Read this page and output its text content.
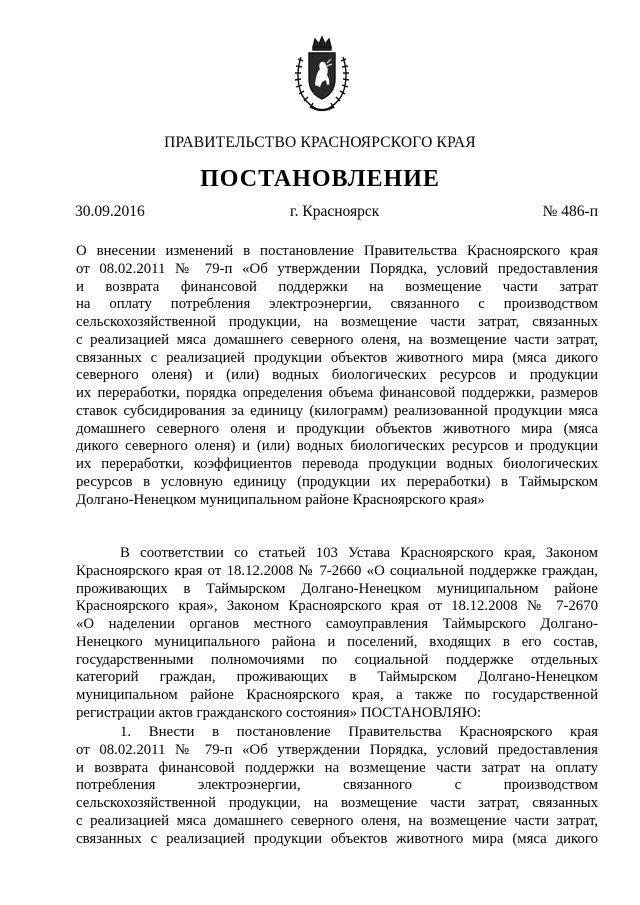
ПРАВИТЕЛЬСТВО КРАСНОЯРСКОГО КРАЯ
ПОСТАНОВЛЕНИЕ
30.09.2016	г. Красноярск	№ 486-п
О внесении изменений в постановление Правительства Красноярского края
от 08.02.2011 № 79-п «Об утверждении Порядка, условий предоставления
и возврата финансовой поддержки на возмещение части затрат
на оплату потребления электроэнергии, связанного с производством
сельскохозяйственной продукции, на возмещение части затрат, связанных
с реализацией мяса домашнего северного оленя, на возмещение части затрат,
связанных с реализацией продукции объектов животного мира (мяса дикого
северного оленя) и (или) водных биологических ресурсов и продукции
их переработки, порядка определения объема финансовой поддержки, размеров
ставок субсидирования за единицу (килограмм) реализованной продукции мяса
домашнего северного оленя и продукции объектов животного мира (мяса
дикого северного оленя) и (или) водных биологических ресурсов и продукции
их переработки, коэффициентов перевода продукции водных биологических
ресурсов в условную единицу (продукции их переработки) в Таймырском
Долгано-Ненецком муниципальном районе Красноярского края»
В соответствии со статьей 103 Устава Красноярского края, Законом
Красноярского края от 18.12.2008 № 7-2660 «О социальной поддержке граждан,
проживающих в Таймырском Долгано-Ненецком муниципальном районе
Красноярского края», Законом Красноярского края от 18.12.2008 № 7-2670
«О наделении органов местного самоуправления Таймырского Долгано-
Ненецкого муниципального района и поселений, входящих в его состав,
государственными полномочиями по социальной поддержке отдельных
категорий граждан, проживающих в Таймырском Долгано-Ненецком
муниципальном районе Красноярского края, а также по государственной
регистрации актов гражданского состояния» ПОСТАНОВЛЯЮ:
1. Внести в постановление Правительства Красноярского края
от 08.02.2011 № 79-п «Об утверждении Порядка, условий предоставления
и возврата финансовой поддержки на возмещение части затрат на оплату
потребления электроэнергии, связанного с производством
сельскохозяйственной продукции, на возмещение части затрат, связанных
с реализацией мяса домашнего северного оленя, на возмещение части затрат,
связанных с реализацией продукции объектов животного мира (мяса дикого
